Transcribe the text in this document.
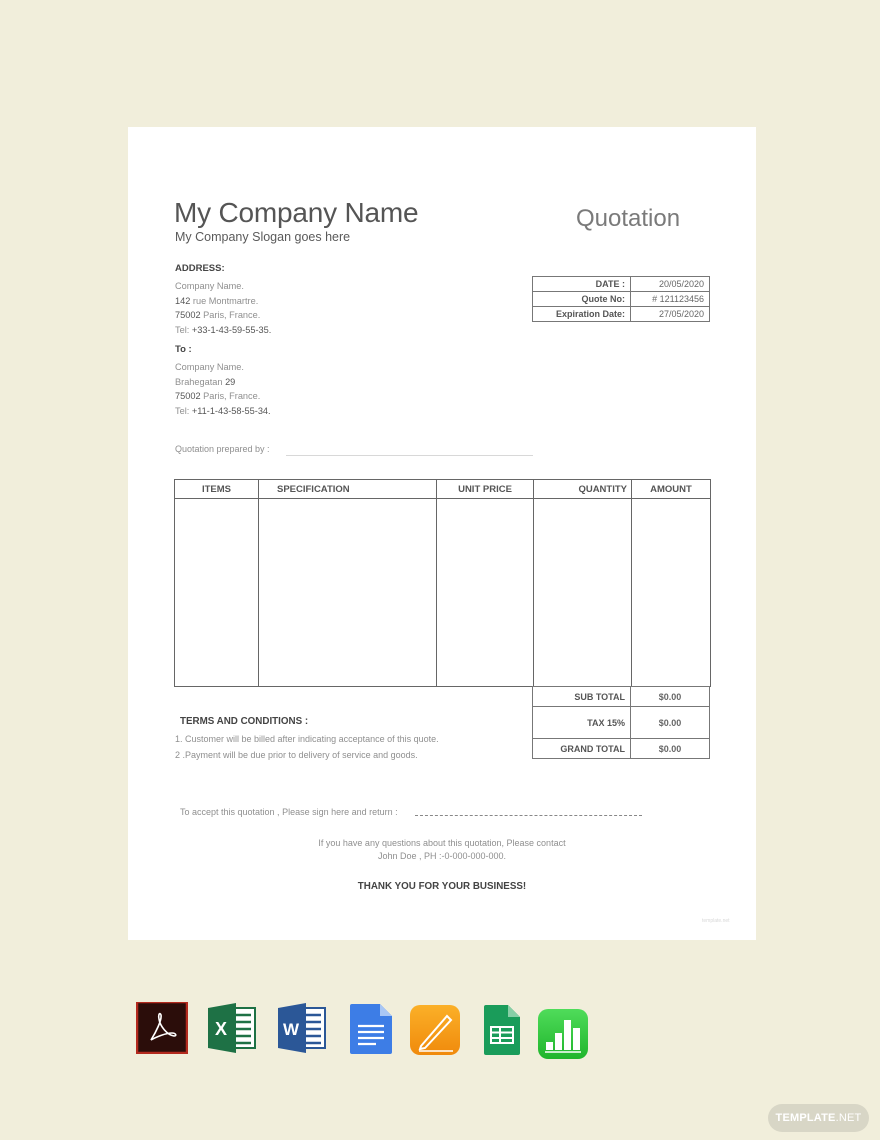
My Company Name
My Company Slogan goes here
Quotation
ADDRESS:
Company Name.
142 rue Montmartre.
75002 Paris, France.
Tel: +33-1-43-59-55-35.
To :
Company Name.
Brahegatan 29
75002 Paris, France.
Tel: +11-1-43-58-55-34.
DATE :	20/05/2020
Quote No:	# 121123456
Expiration Date:	27/05/2020
Quotation prepared by :
ITEMS	SPECIFICATION	UNIT PRICE	QUANTITY	AMOUNT

SUB TOTAL	$0.00
TAX 15%	$0.00
GRAND TOTAL	$0.00
TERMS AND CONDITIONS :
1. Customer will be billed after indicating acceptance of this quote.
2 .Payment will be due prior to delivery of service and goods.
To accept this quotation , Please sign here and return :
If you have any questions about this quotation, Please contact
John Doe , PH :-0-000-000-000.
THANK YOU FOR YOUR BUSINESS!
template.net
X	W
TEMPLATE .NET
